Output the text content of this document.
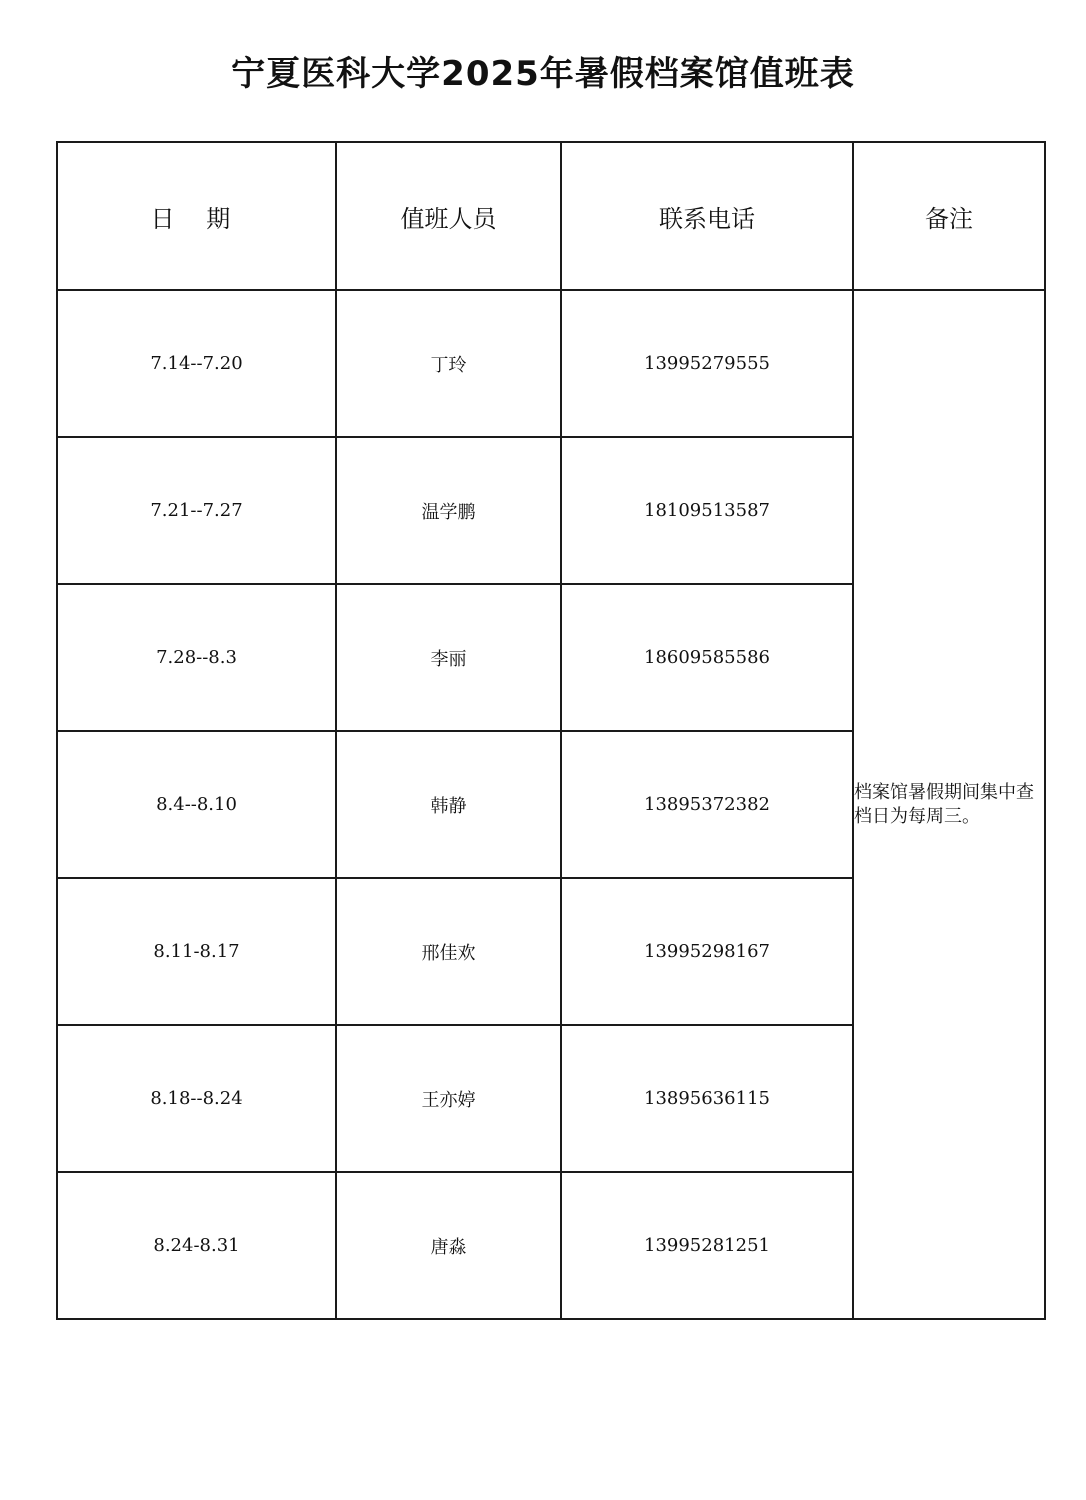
宁夏医科大学2025年暑假档案馆值班表
日 期	值班人员	联系电话	备注
7.14--7.20	丁玲	13995279555	档案馆暑假期间集中查档日为每周三。
7.21--7.27	温学鹏	18109513587	
7.28--8.3	李丽	18609585586	
8.4--8.10	韩静	13895372382	
8.11-8.17	邢佳欢	13995298167	
8.18--8.24	王亦婷	13895636115	
8.24-8.31	唐淼	13995281251	
